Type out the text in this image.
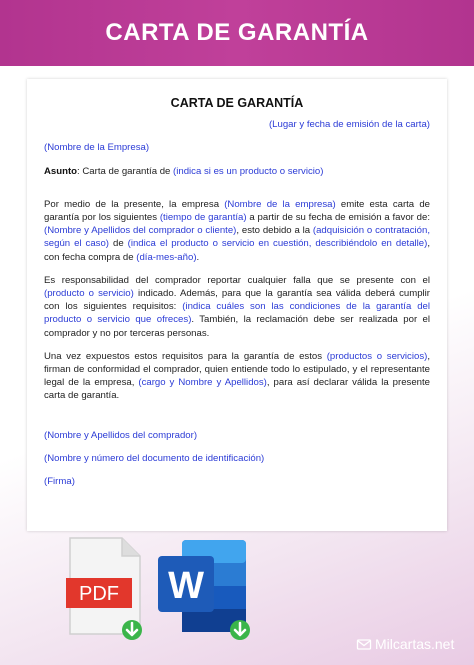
CARTA DE GARANTÍA
CARTA DE GARANTÍA
(Lugar y fecha de emisión de la carta)
(Nombre de la Empresa)
Asunto: Carta de garantía de (indica si es un producto o servicio)
Por medio de la presente, la empresa (Nombre de la empresa) emite esta carta de garantía por los siguientes (tiempo de garantía) a partir de su fecha de emisión a favor de: (Nombre y Apellidos del comprador o cliente), esto debido a la (adquisición o contratación, según el caso) de (indica el producto o servicio en cuestión, describiéndolo en detalle), con fecha compra de (día-mes-año).
Es responsabilidad del comprador reportar cualquier falla que se presente con el (producto o servicio) indicado. Además, para que la garantía sea válida deberá cumplir con los siguientes requisitos: (indica cuáles son las condiciones de la garantía del producto o servicio que ofreces). También, la reclamación debe ser realizada por el comprador y no por terceras personas.
Una vez expuestos estos requisitos para la garantía de estos (productos o servicios), firman de conformidad el comprador, quien entiende todo lo estipulado, y el representante legal de la empresa, (cargo y Nombre y Apellidos), para así declarar válida la presente carta de garantía.
(Nombre y Apellidos del comprador)
(Nombre y número del documento de identificación)
(Firma)
PDF W
Milcartas.net
